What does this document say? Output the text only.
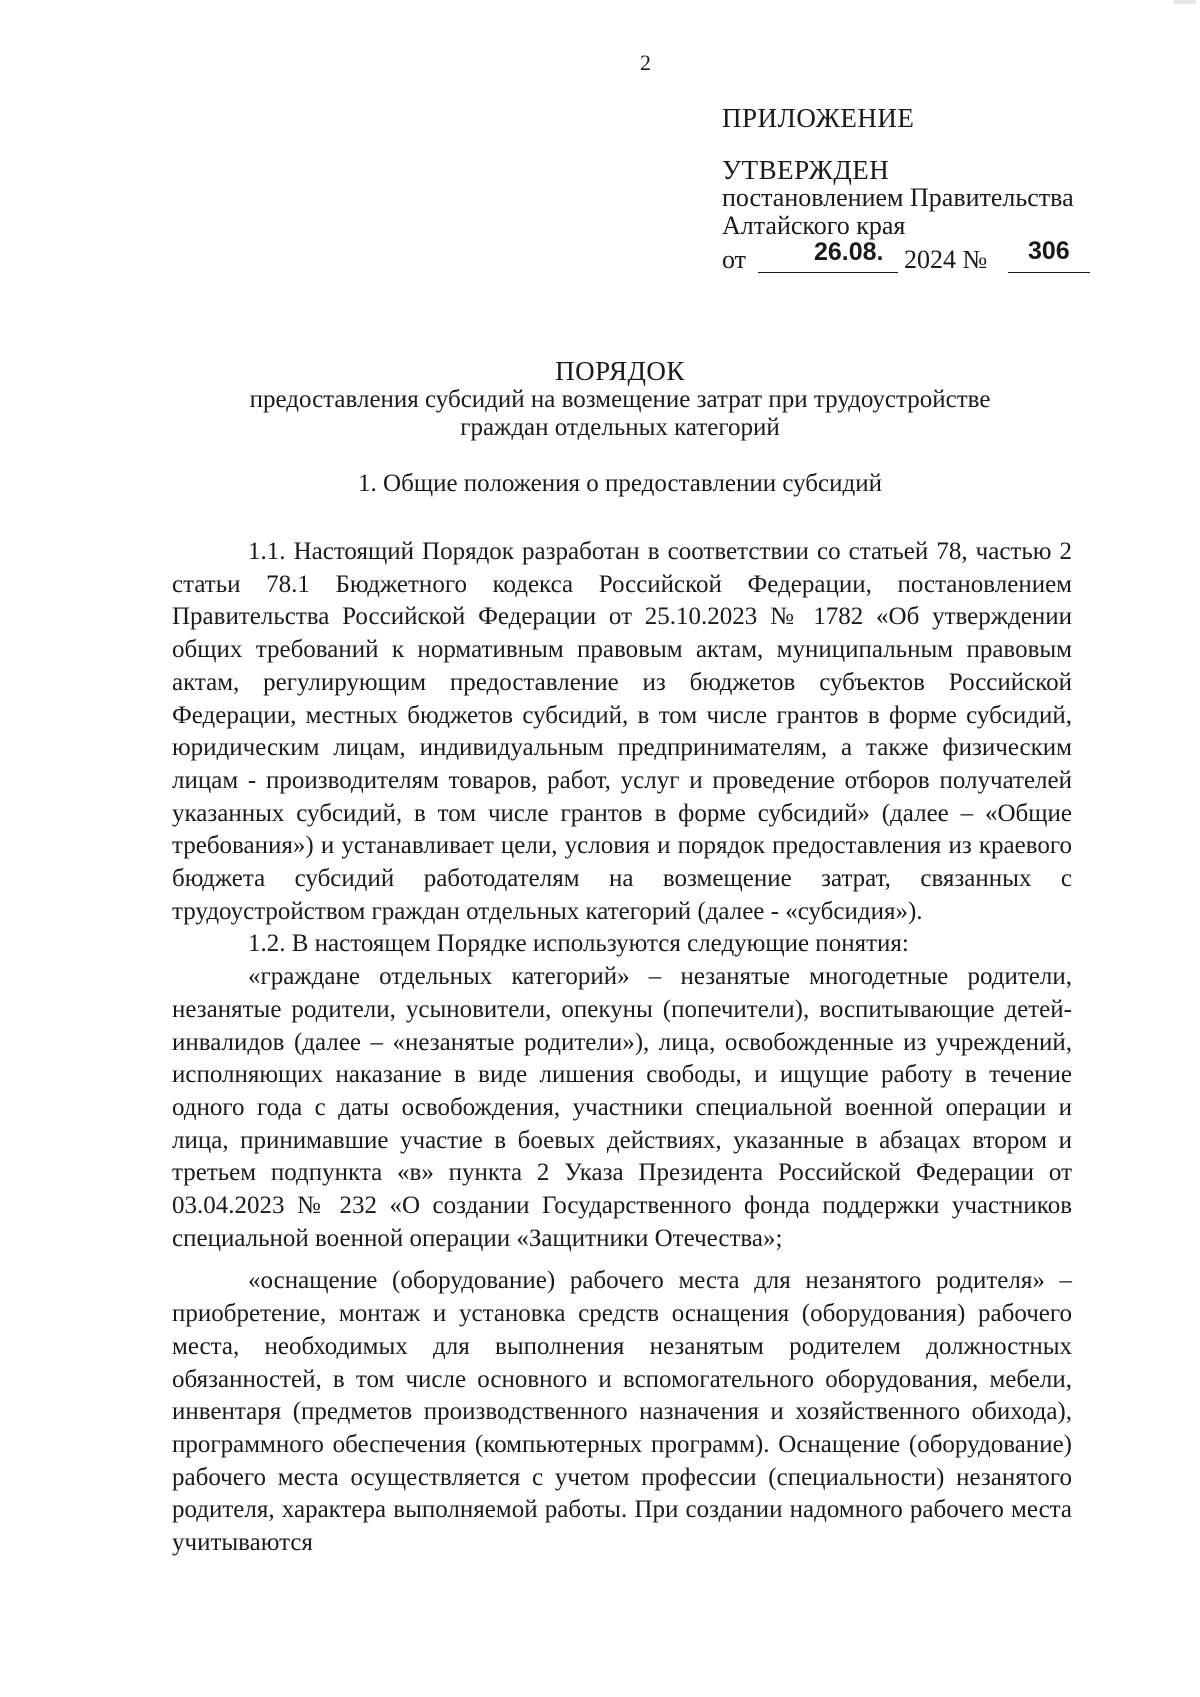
2
ПРИЛОЖЕНИЕ
УТВЕРЖДЕН
постановлением Правительства
Алтайского края
от	26.08. 2024 № 306
ПОРЯДОК
предоставления субсидий на возмещение затрат при трудоустройстве
граждан отдельных категорий
1. Общие положения о предоставлении субсидий

1.1. Настоящий Порядок разработан в соответствии со статьей 78, частью 2 статьи 78.1 Бюджетного кодекса Российской Федерации, постановлением Правительства Российской Федерации от 25.10.2023 № 1782 «Об утверждении общих требований к нормативным правовым актам, муниципальным правовым актам, регулирующим предоставление из бюджетов субъектов Российской Федерации, местных бюджетов субсидий, в том числе грантов в форме субсидий, юридическим лицам, индивидуальным предпринимателям, а также физическим лицам - производителям товаров, работ, услуг и проведение отборов получателей указанных субсидий, в том числе грантов в форме субсидий» (далее – «Общие требования») и устанавливает цели, условия и порядок предоставления из краевого бюджета субсидий работодателям на возмещение затрат, связанных с трудоустройством граждан отдельных категорий (далее - «субсидия»).

1.2. В настоящем Порядке используются следующие понятия:

«граждане отдельных категорий» – незанятые многодетные родители, незанятые родители, усыновители, опекуны (попечители), воспитывающие детей-инвалидов (далее – «незанятые родители»), лица, освобожденные из учреждений, исполняющих наказание в виде лишения свободы, и ищущие работу в течение одного года с даты освобождения, участники специальной военной операции и лица, принимавшие участие в боевых действиях, указанные в абзацах втором и третьем подпункта «в» пункта 2 Указа Президента Российской Федерации от 03.04.2023 № 232 «О создании Государственного фонда поддержки участников специальной военной операции «Защитники Отечества»;

«оснащение (оборудование) рабочего места для незанятого родителя» – приобретение, монтаж и установка средств оснащения (оборудования) рабочего места, необходимых для выполнения незанятым родителем должностных обязанностей, в том числе основного и вспомогательного оборудования, мебели, инвентаря (предметов производственного назначения и хозяйственного обихода), программного обеспечения (компьютерных программ). Оснащение (оборудование) рабочего места осуществляется с учетом профессии (специальности) незанятого родителя, характера выполняемой работы. При создании надомного рабочего места учитываются
